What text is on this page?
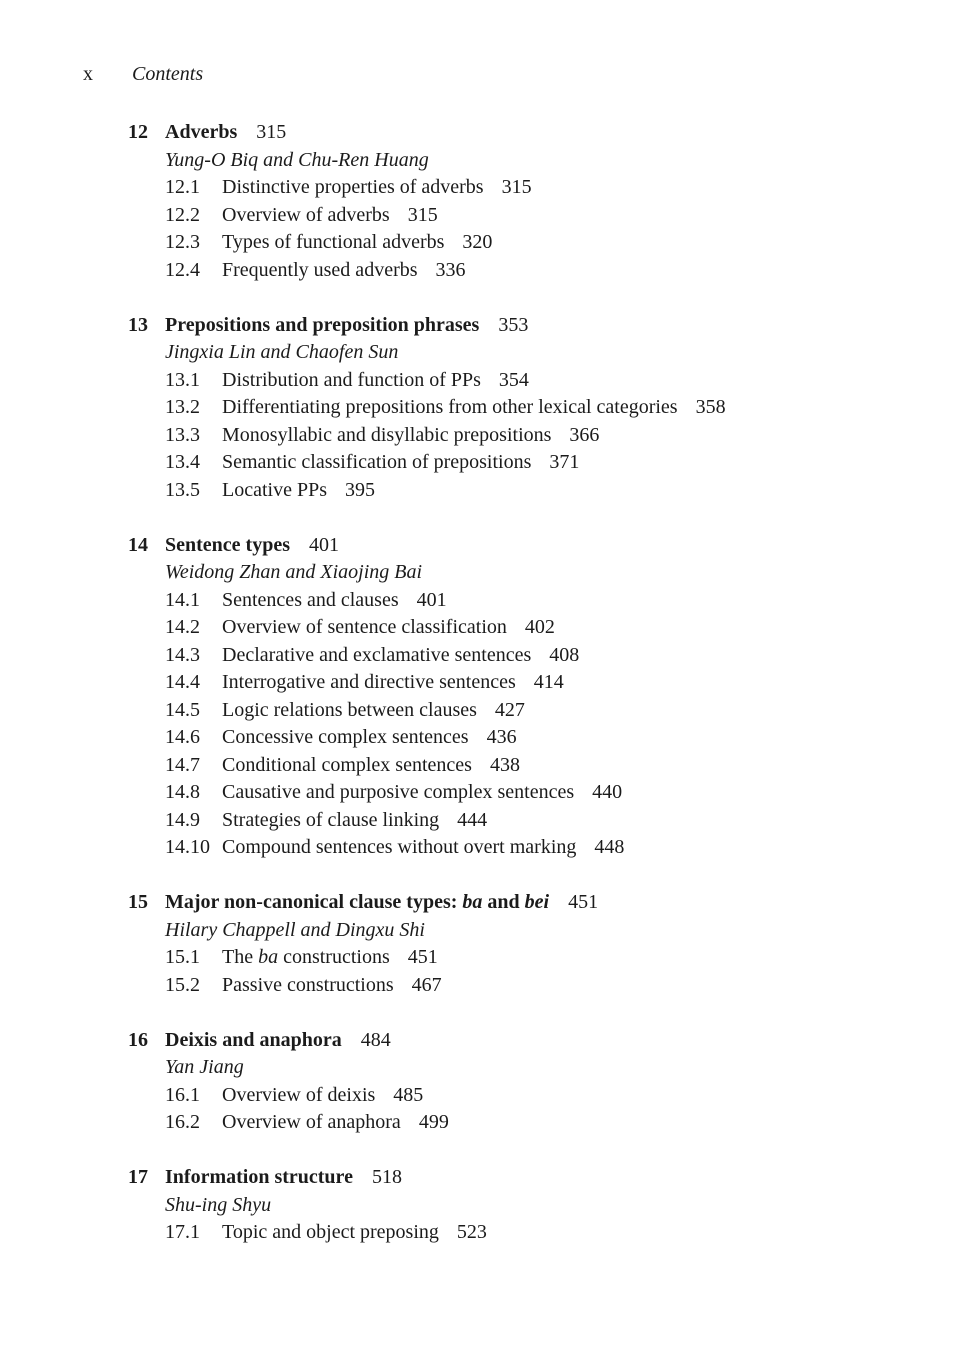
x Contents
12 Adverbs 315
Yung-O Biq and Chu-Ren Huang
12.1	Distinctive properties of adverbs 315
12.2	Overview of adverbs 315
12.3	Types of functional adverbs 320
12.4	Frequently used adverbs 336
13 Prepositions and preposition phrases 353
Jingxia Lin and Chaofen Sun
13.1	Distribution and function of PPs 354
13.2	Differentiating prepositions from other lexical categories 358
13.3	Monosyllabic and disyllabic prepositions 366
13.4	Semantic classification of prepositions 371
13.5	Locative PPs 395
14 Sentence types 401
Weidong Zhan and Xiaojing Bai
14.1	Sentences and clauses 401
14.2	Overview of sentence classification 402
14.3	Declarative and exclamative sentences 408
14.4	Interrogative and directive sentences 414
14.5	Logic relations between clauses 427
14.6	Concessive complex sentences 436
14.7	Conditional complex sentences 438
14.8	Causative and purposive complex sentences 440
14.9	Strategies of clause linking 444
14.10 Compound sentences without overt marking 448
15 Major non-canonical clause types: ba and bei 451
Hilary Chappell and Dingxu Shi
15.1	The ba constructions 451
15.2	Passive constructions 467
16 Deixis and anaphora 484
Yan Jiang
16.1	Overview of deixis 485
16.2	Overview of anaphora 499
17 Information structure 518
Shu-ing Shyu
17.1	Topic and object preposing 523
